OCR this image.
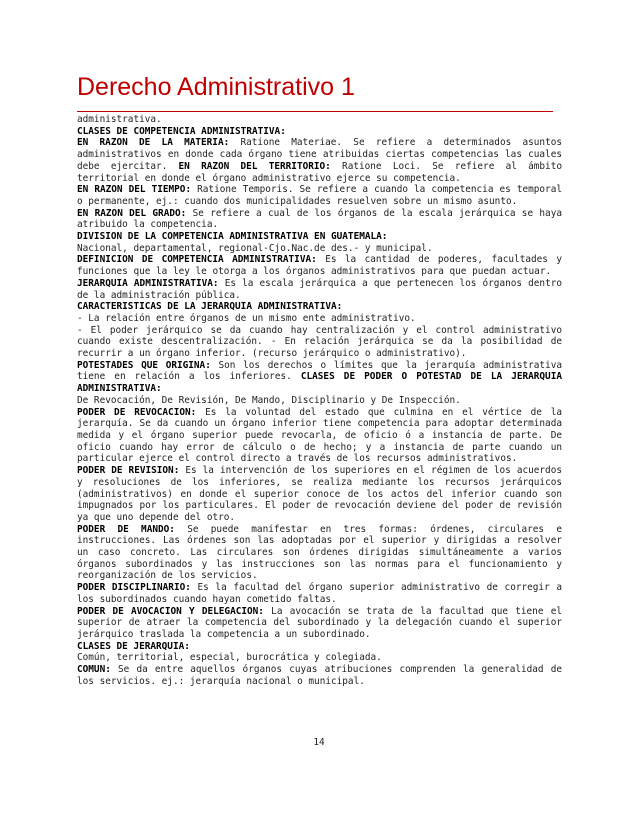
Derecho Administrativo 1

administrativa.

CLASES DE COMPETENCIA ADMINISTRATIVA:

EN RAZON DE LA MATERIA: Ratione Materiae. Se refiere a determinados asuntos administrativos en donde cada órgano tiene atribuidas ciertas competencias las cuales debe ejercitar. EN RAZON DEL TERRITORIO: Ratione Loci. Se refiere al ámbito territorial en donde el órgano administrativo ejerce su competencia.

EN RAZON DEL TIEMPO: Ratione Temporis. Se refiere a cuando la competencia es temporal o permanente, ej.: cuando dos municipalidades resuelven sobre un mismo asunto.

EN RAZON DEL GRADO: Se refiere a cual de los órganos de la escala jerárquica se haya atribuido la competencia.

DIVISION DE LA COMPETENCIA ADMINISTRATIVA EN GUATEMALA:

Nacional, departamental, regional-Cjo.Nac.de des.- y municipal.

DEFINICION DE COMPETENCIA ADMINISTRATIVA: Es la cantidad de poderes, facultades y funciones que la ley le otorga a los órganos administrativos para que puedan actuar.

JERARQUIA ADMINISTRATIVA: Es la escala jerárquica a que pertenecen los órganos dentro de la administración pública.

CARACTERISTICAS DE LA JERARQUIA ADMINISTRATIVA:

- La relación entre órganos de un mismo ente administrativo.

- El poder jerárquico se da cuando hay centralización y el control administrativo cuando existe descentralización. - En relación jerárquica se da la posibilidad de recurrir a un órgano inferior. (recurso jerárquico o administrativo).

POTESTADES QUE ORIGINA: Son los derechos o límites que la jerarquía administrativa tiene en relación a los inferiores. CLASES DE PODER O POTESTAD DE LA JERARQUIA ADMINISTRATIVA:

De Revocación, De Revisión, De Mando, Disciplinario y De Inspección.

PODER DE REVOCACION: Es la voluntad del estado que culmina en el vértice de la jerarquía. Se da cuando un órgano inferior tiene competencia para adoptar determinada medida y el órgano superior puede revocarla, de oficio ó a instancia de parte. De oficio cuando hay error de cálculo o de hecho; y a instancia de parte cuando un particular ejerce el control directo a través de los recursos administrativos.

PODER DE REVISION: Es la intervención de los superiores en el régimen de los acuerdos y resoluciones de los inferiores, se realiza mediante los recursos jerárquicos (administrativos) en donde el superior conoce de los actos del inferior cuando son impugnados por los particulares. El poder de revocación deviene del poder de revisión ya que uno depende del otro.

PODER DE MANDO: Se puede manifestar en tres formas: órdenes, circulares e instrucciones. Las órdenes son las adoptadas por el superior y dirigidas a resolver un caso concreto. Las circulares son órdenes dirigidas simultáneamente a varios órganos subordinados y las instrucciones son las normas para el funcionamiento y reorganización de los servicios.

PODER DISCIPLINARIO: Es la facultad del órgano superior administrativo de corregir a los subordinados cuando hayan cometido faltas.

PODER DE AVOCACION Y DELEGACION: La avocación se trata de la facultad que tiene el superior de atraer la competencia del subordinado y la delegación cuando el superior jerárquico traslada la competencia a un subordinado.

CLASES DE JERARQUIA:

Común, territorial, especial, burocrática y colegiada.

COMUN: Se da entre aquellos órganos cuyas atribuciones comprenden la generalidad de los servicios. ej.: jerarquía nacional o municipal.

14
